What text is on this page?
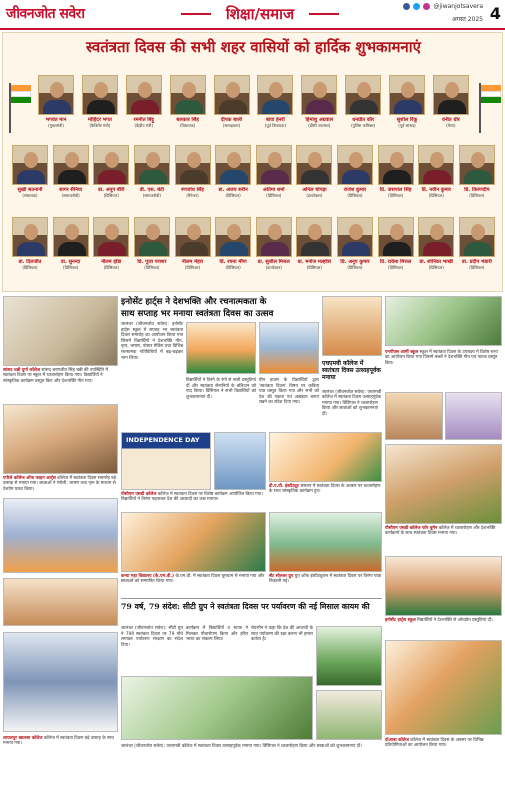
जीवनजोत सवेरा	शिक्षा/समाज	@jiwanjotsavera
अगस्त 2025 4
स्वतंत्रता दिवस की सभी शहर वासियों को हार्दिक शुभकामनाएं
भगवंत मान
(मुख्यमंत्री)
मोहिंदर भगत
(कैबिनेट मंत्री)
रमनीत बिट्टू
(केंद्रीय मंत्री)
बलकार सिंह
(विधायक)
दीपक बाली
(सलाहकार)
बावा हेनरी
(पूर्व विधायक)
हिमांशु अग्रवाल
(डीसी जालंधर)
धनप्रीत कौर
(पुलिस कमिश्नर)
सुशील रिंकू
(पूर्व सांसद)
वनीत धीर
(मेयर)
सुखी सतनानी
(संचालक)
सागर सैनिया
(समाजसेवी)
डा. अनूप बौरी
(प्रिंसिपल)
डी. एस. बंटी
(समाजसेवी)
रणजोध सिंह
(मैनेजर)
डा. अजय सरीन
(प्रिंसिपल)
अतिमा शर्मा
(प्रिंसिपल)
अनिल चोपड़ा
(डायरेक्टर)
राजेश कुमार
(प्रिंसिपल)
प्रि. जसपाल सिंह
(प्रिंसिपल)
प्रि. नवीन कुमार
(प्रिंसिपल)
प्रि. किरणदीप
(प्रिंसिपल)
डा. दिलजीत
(प्रिंसिपल)
डा. सुनन्दा
(प्रिंसिपल)
नीलम हाँडा
(प्रिंसिपल)
प्रि. पूजा पराशर
(प्रिंसिपल)
नीलम मेहरा
(प्रिंसिपल)
प्रि. रचना मौंगा
(प्रिंसिपल)
डा. सुशील मित्तल
(डायरेक्टर)
डा. मनोज मल्होत्रा
(प्रिंसिपल)
प्रि. अनूप कुमार
(प्रिंसिपल)
प्रि. राकेश मित्तल
(प्रिंसिपल)
डा. सोनिका भाखी
(प्रिंसिपल)
डा. प्रदीप भंडारी
(प्रिंसिपल)
सांसद चन्नी दुर्गा कॉलेज सांसद चरणजीत सिंह चन्नी की उपस्थिति में स्वतंत्रता दिवस पर स्कूल में ध्वजारोहण किया गया। विद्यार्थियों ने सांस्कृतिक कार्यक्रम प्रस्तुत किए और देशभक्ति गीत गाए।
एपीजे कॉलेज ऑफ फाइन आर्ट्स कॉलेज में स्वतंत्रता दिवस समारोह बड़े उत्साह से मनाया गया। छात्राओं ने रंगोली, भाषण तथा नृत्य के माध्यम से देशप्रेम प्रकट किया।
इनोसेंट हार्ट्स ने देशभक्ति और रचनात्मकता के
साथ सप्ताह भर मनाया स्वतंत्रता दिवस का उत्सव
जालंधर (जीवनजोत सवेरा): इनोसेंट हार्ट्स स्कूल में सप्ताह भर स्वतंत्रता दिवस समारोह का आयोजन किया गया जिसमें विद्यार्थियों ने देशभक्ति गीत, नृत्य, भाषण, पोस्टर मेकिंग तथा विभिन्न रचनात्मक गतिविधियों में बढ़-चढ़कर भाग लिया।
विद्यार्थियों ने तिरंगे के रंगों से सजी प्रस्तुतियां दीं और स्वतंत्रता सेनानियों के बलिदान को याद किया। प्रिंसिपल ने सभी विद्यार्थियों को शुभकामनाएं दीं।
ग्रीन हाउस के विद्यार्थियों द्वारा 'स्वतंत्रता दिवस' विषय पर कविता पाठ प्रस्तुत किया गया और सभी को देश की एकता एवं अखंडता बनाए रखने का संदेश दिया गया।
एचएमवी कॉलेज में स्वतंत्रता दिवस उत्साहपूर्वक मनाया
जालंधर (जीवनजोत सवेरा): एचएमवी कॉलेज में स्वतंत्रता दिवस उत्साहपूर्वक मनाया गया। प्रिंसिपल ने ध्वजारोहण किया और छात्राओं को शुभकामनाएं दीं।
एनपीएस आर्मी स्कूल स्कूल में स्वतंत्रता दिवस के उपलक्ष्य में विशेष सभा का आयोजन किया गया जिसमें बच्चों ने देशभक्ति गीत एवं नाटक प्रस्तुत किए।
INDEPENDENCE DAY
पीसीएम एसडी कॉलेज कॉलेज में स्वतंत्रता दिवस पर विशेष कार्यक्रम आयोजित किया गया। विद्यार्थियों ने तिरंगा फहराकर देश की आजादी का जश्न मनाया।
डी.ए.वी. इंस्टीट्यूट संस्थान में स्वतंत्रता दिवस के अवसर पर ध्वजारोहण के साथ सांस्कृतिक कार्यक्रम हुए।
पीसीएम एसडी कॉलेज फॉर वूमेन कॉलेज में ध्वजारोहण और देशभक्ति कार्यक्रमों के साथ स्वतंत्रता दिवस मनाया गया।
कन्या महा विद्यालय (के.एम.वी.) के.एम.वी. में स्वतंत्रता दिवस धूमधाम से मनाया गया और छात्राओं को सम्मानित किया गया।
सेंट सोल्जर ग्रुप ग्रुप ऑफ इंस्टीट्यूशंस में स्वतंत्रता दिवस पर तिरंगा यात्रा निकाली गई।
79 वर्ष, 79 संदेश: सीटी ग्रुप ने स्वतंत्रता दिवस पर पर्यावरण की नई मिसाल कायम की
जालंधर (जीवनजोत सवेरा): सीटी ग्रुप ने 79वें स्वतंत्रता दिवस पर 79 पौधे लगाकर पर्यावरण संरक्षण का संदेश दिया।
कार्यक्रम में विद्यार्थियों व स्टाफ ने मिलकर पौधारोपण किया और हरित भारत का संकल्प लिया।
चेयरमैन ने कहा कि देश की आजादी के साथ पर्यावरण की रक्षा करना भी हमारा कर्तव्य है।
लायलपुर खालसा कॉलेज कॉलेज में स्वतंत्रता दिवस बड़े उत्साह के साथ मनाया गया।
इनोसेंट हार्ट्स स्कूल विद्यार्थियों ने देशभक्ति से ओतप्रोत प्रस्तुतियां दीं।
दोआबा कॉलेज कॉलेज में स्वतंत्रता दिवस के अवसर पर विभिन्न प्रतियोगिताओं का आयोजन किया गया।
जालंधर (जीवनजोत सवेरा): एचएमवी कॉलेज में स्वतंत्रता दिवस उत्साहपूर्वक मनाया गया। प्रिंसिपल ने ध्वजारोहण किया और छात्राओं को शुभकामनाएं दीं।
